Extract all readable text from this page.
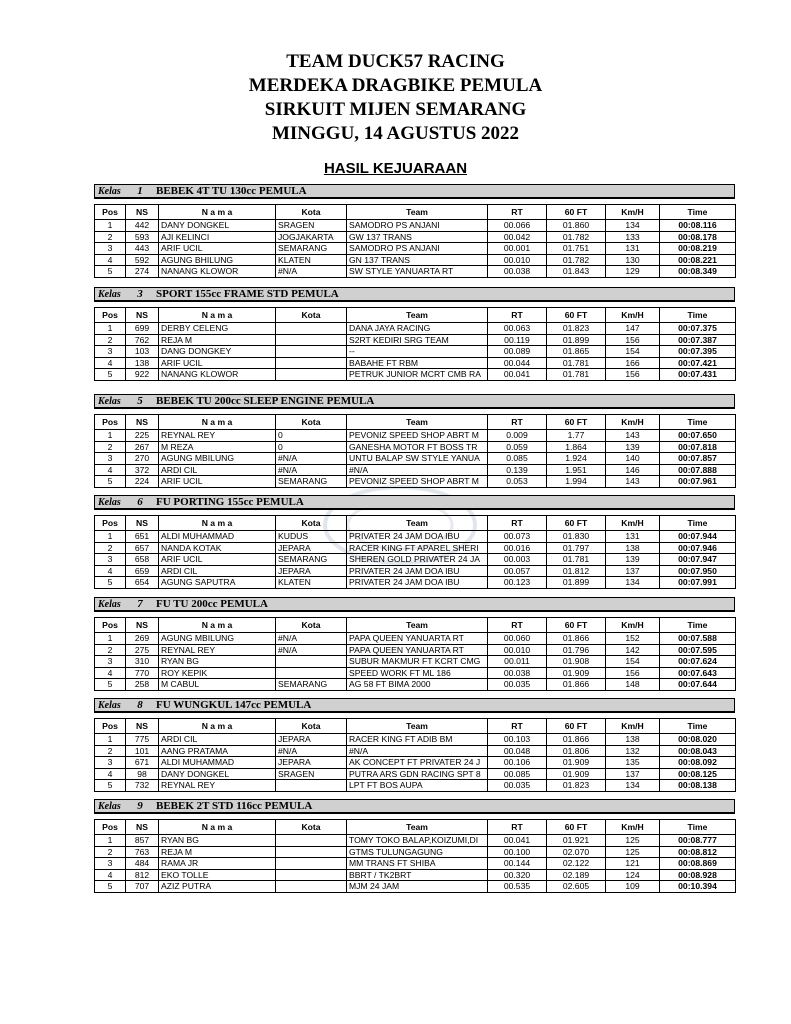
TEAM DUCK57 RACING
MERDEKA DRAGBIKE PEMULA
SIRKUIT MIJEN SEMARANG
MINGGU, 14 AGUSTUS 2022
HASIL KEJUARAAN
Kelas	1	BEBEK 4T TU 130cc PEMULA
Pos	NS	N a m a	Kota	Team	RT	60 FT	Km/H	Time
1	442	DANY DONGKEL	SRAGEN	SAMODRO PS ANJANI	00.066	01.860	134	00:08.116
2	593	AJI KELINCI	JOGJAKARTA	GW 137 TRANS	00.042	01.782	133	00:08.178
3	443	ARIF UCIL	SEMARANG	SAMODRO PS ANJANI	00.001	01.751	131	00:08.219
4	592	AGUNG BHILUNG	KLATEN	GN 137 TRANS	00.010	01.782	130	00:08.221
5	274	NANANG KLOWOR	#N/A	SW STYLE YANUARTA RT	00.038	01.843	129	00:08.349
Kelas	3	SPORT 155cc FRAME STD PEMULA
Pos	NS	N a m a	Kota	Team	RT	60 FT	Km/H	Time
1	699	DERBY CELENG		DANA JAYA RACING	00.063	01.823	147	00:07.375
2	762	REJA M		S2RT KEDIRI SRG TEAM	00.119	01.899	156	00:07.387
3	103	DANG DONGKEY		--	00.089	01.865	154	00:07.395
4	138	ARIF UCIL		BABAHE FT RBM	00.044	01.781	166	00:07.421
5	922	NANANG KLOWOR		PETRUK JUNIOR MCRT CMB RA	00.041	01.781	156	00:07.431
Kelas	5	BEBEK TU 200cc SLEEP ENGINE PEMULA
Pos	NS	N a m a	Kota	Team	RT	60 FT	Km/H	Time
1	225	REYNAL REY	0	PEVONIZ SPEED SHOP ABRT M	0.009	1.77	143	00:07.650
2	267	M REZA	0	GANESHA MOTOR FT BOSS TR	0.059	1.864	139	00:07.818
3	270	AGUNG MBILUNG	#N/A	UNTU BALAP SW STYLE YANUA	0.085	1.924	140	00:07.857
4	372	ARDI CIL	#N/A	#N/A	0.139	1.951	146	00:07.888
5	224	ARIF UCIL	SEMARANG	PEVONIZ SPEED SHOP ABRT M	0.053	1.994	143	00:07.961
Kelas	6	FU PORTING 155cc PEMULA
Pos	NS	N a m a	Kota	Team	RT	60 FT	Km/H	Time
1	651	ALDI MUHAMMAD	KUDUS	PRIVATER 24 JAM DOA IBU	00.073	01.830	131	00:07.944
2	657	NANDA KOTAK	JEPARA	RACER KING FT APAREL SHERI	00.016	01.797	138	00:07.946
3	658	ARIF UCIL	SEMARANG	SHEREN GOLD PRIVATER 24 JA	00.003	01.781	139	00:07.947
4	659	ARDI CIL	JEPARA	PRIVATER 24 JAM DOA IBU	00.057	01.812	137	00:07.950
5	654	AGUNG SAPUTRA	KLATEN	PRIVATER 24 JAM DOA IBU	00.123	01.899	134	00:07.991
Kelas	7	FU TU 200cc PEMULA
Pos	NS	N a m a	Kota	Team	RT	60 FT	Km/H	Time
1	269	AGUNG MBILUNG	#N/A	PAPA QUEEN YANUARTA RT	00.060	01.866	152	00:07.588
2	275	REYNAL REY	#N/A	PAPA QUEEN YANUARTA RT	00.010	01.796	142	00:07.595
3	310	RYAN BG		SUBUR MAKMUR FT KCRT CMG	00.011	01.908	154	00:07.624
4	770	ROY KEPIK		SPEED WORK FT ML 186	00.038	01.909	156	00:07.643
5	258	M CABUL	SEMARANG	AG 58 FT BIMA 2000	00.035	01.866	148	00:07.644
Kelas	8	FU WUNGKUL 147cc PEMULA
Pos	NS	N a m a	Kota	Team	RT	60 FT	Km/H	Time
1	775	ARDI CIL	JEPARA	RACER KING FT ADIB BM	00.103	01.866	138	00:08.020
2	101	AANG PRATAMA	#N/A	#N/A	00.048	01.806	132	00:08.043
3	671	ALDI MUHAMMAD	JEPARA	AK CONCEPT FT PRIVATER 24 J	00.106	01.909	135	00:08.092
4	98	DANY DONGKEL	SRAGEN	PUTRA ARS GDN RACING SPT 8	00.085	01.909	137	00:08.125
5	732	REYNAL REY		LPT FT BOS AUPA	00.035	01.823	134	00:08.138
Kelas	9	BEBEK 2T STD 116cc PEMULA
Pos	NS	N a m a	Kota	Team	RT	60 FT	Km/H	Time
1	857	RYAN BG		TOMY TOKO BALAP,KOIZUMI,DI	00.041	01.921	125	00:08.777
2	763	REJA M		GTMS TULUNGAGUNG	00.100	02.070	125	00:08.812
3	484	RAMA JR		MM TRANS FT SHIBA	00.144	02.122	121	00:08.869
4	812	EKO TOLLE		BBRT / TK2BRT	00.320	02.189	124	00:08.928
5	707	AZIZ PUTRA		MJM 24 JAM	00.535	02.605	109	00:10.394
